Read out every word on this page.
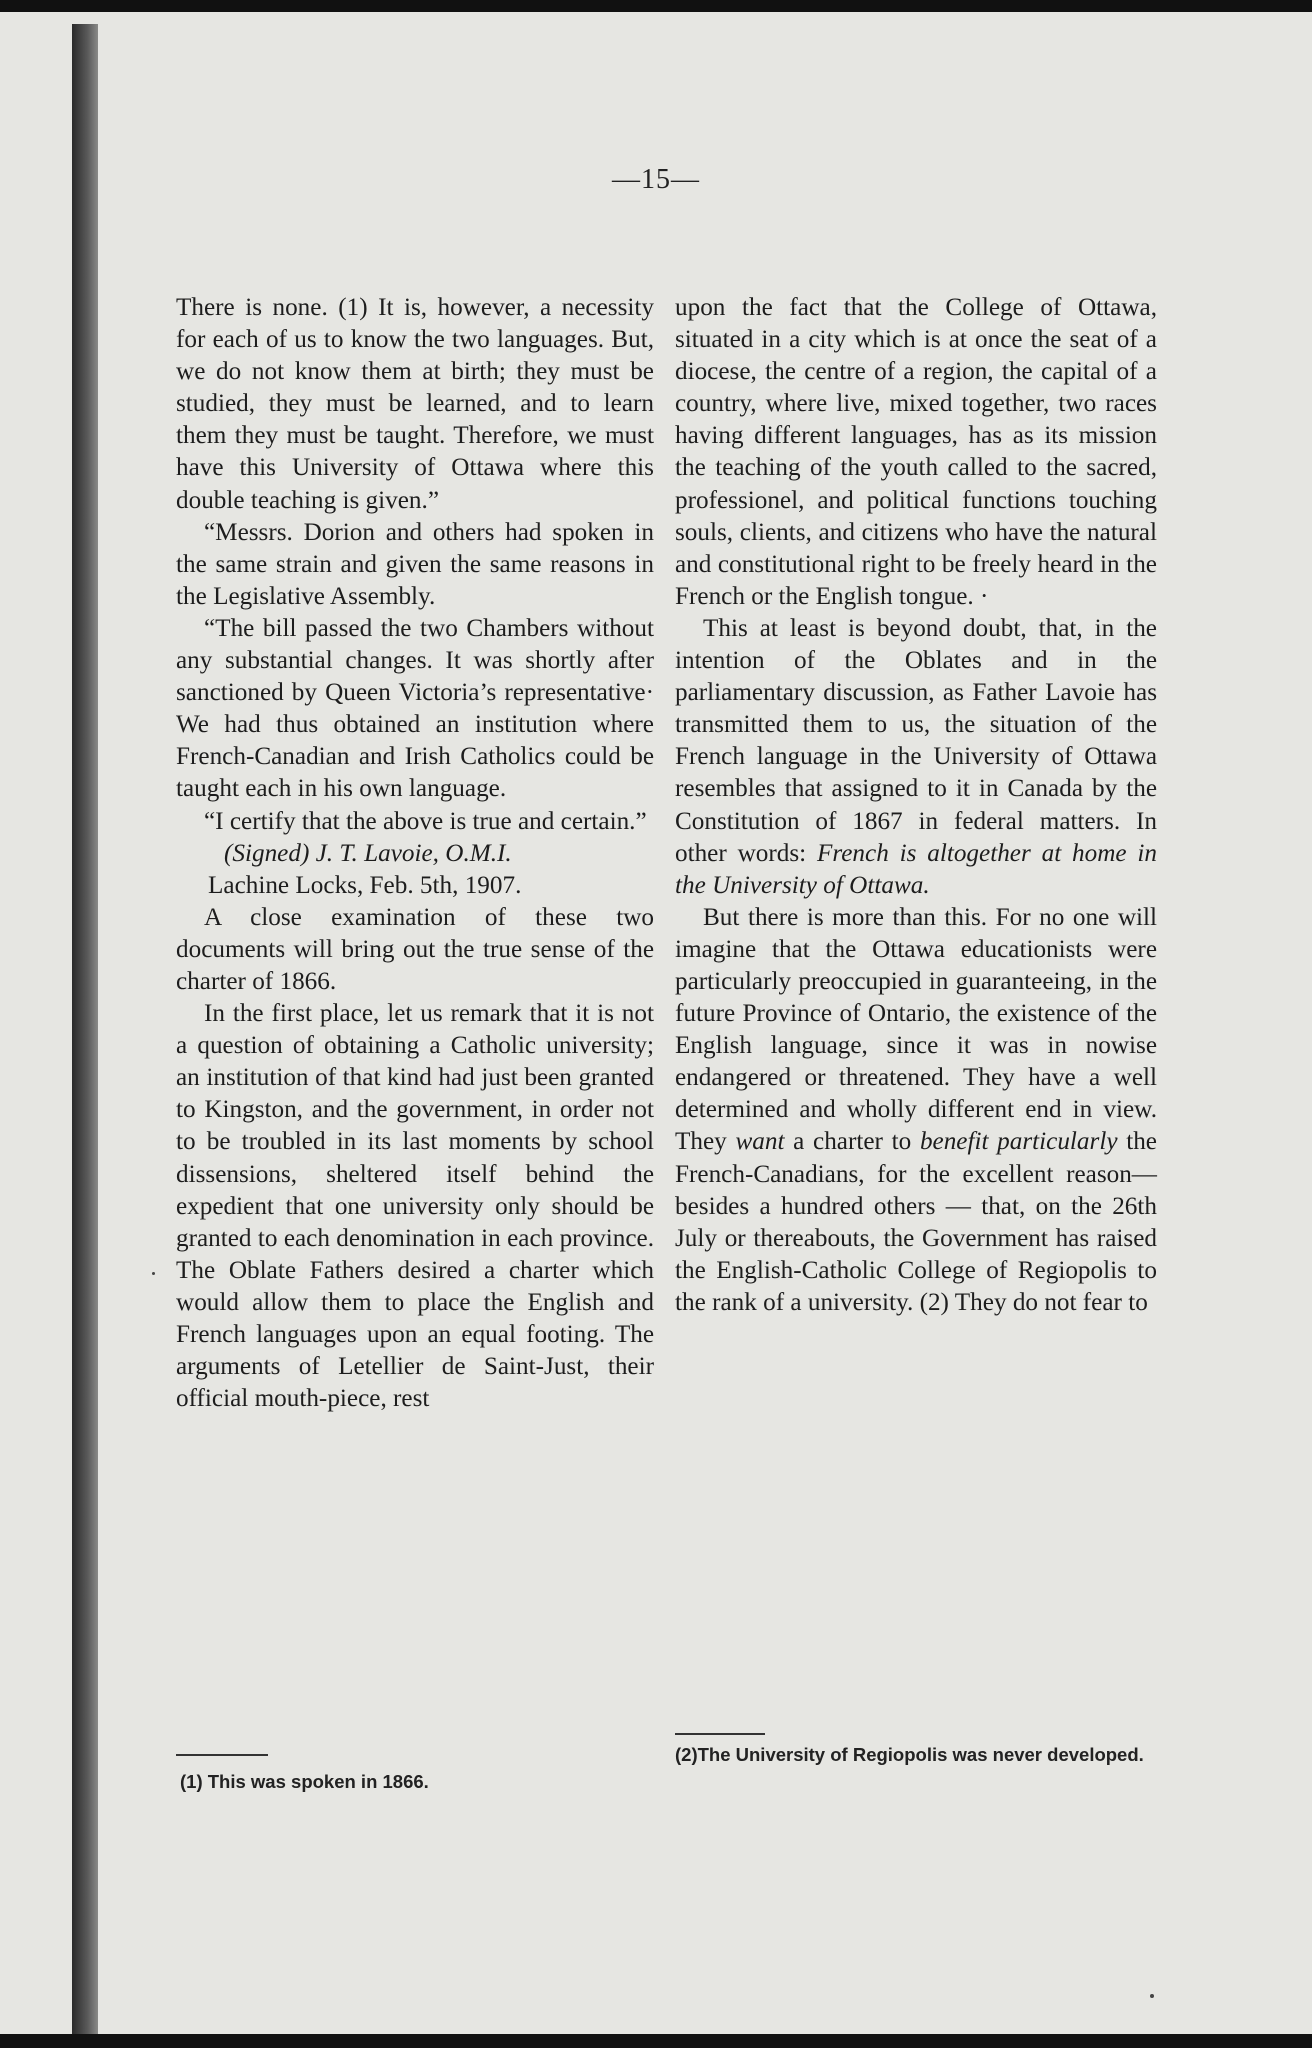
—15—

There is none. (1) It is, however, a necessity for each of us to know the two languages. But, we do not know them at birth; they must be studied, they must be learned, and to learn them they must be taught. Therefore, we must have this University of Ottawa where this double teaching is given.”

“Messrs. Dorion and others had spoken in the same strain and given the same reasons in the Legislative Assembly.

“The bill passed the two Chambers without any substantial changes. It was shortly after sanctioned by Queen Victoria’s representative· We had thus obtained an institution where French-Canadian and Irish Catholics could be taught each in his own language.

“I certify that the above is true and certain.”

(Signed) J. T. Lavoie, O.M.I.

Lachine Locks, Feb. 5th, 1907.

A close examination of these two documents will bring out the true sense of the charter of 1866.

In the first place, let us remark that it is not a question of obtaining a Catholic university; an institution of that kind had just been granted to Kingston, and the government, in order not to be troubled in its last moments by school dissensions, sheltered itself behind the expedient that one university only should be granted to each denomination in each province. The Oblate Fathers desired a charter which would allow them to place the English and French languages upon an equal footing. The arguments of Letellier de Saint-Just, their official mouth-piece, rest

upon the fact that the College of Ottawa, situated in a city which is at once the seat of a diocese, the centre of a region, the capital of a country, where live, mixed together, two races having different languages, has as its mission the teaching of the youth called to the sacred, professionel, and political functions touching souls, clients, and citizens who have the natural and constitutional right to be freely heard in the French or the English tongue. ·

This at least is beyond doubt, that, in the intention of the Oblates and in the parliamentary discussion, as Father Lavoie has transmitted them to us, the situation of the French language in the University of Ottawa resembles that assigned to it in Canada by the Constitution of 1867 in federal matters. In other words: French is altogether at home in the University of Ottawa.

But there is more than this. For no one will imagine that the Ottawa educationists were particularly preoccupied in guaranteeing, in the future Province of Ontario, the existence of the English language, since it was in nowise endangered or threatened. They have a well determined and wholly different end in view. They want a charter to benefit particularly the French-Canadians, for the excellent reason— besides a hundred others — that, on the 26th July or thereabouts, the Government has raised the English-Catholic College of Regiopolis to the rank of a university. (2) They do not fear to

(1) This was spoken in 1866.
(2)The University of Regiopolis was never developed.
